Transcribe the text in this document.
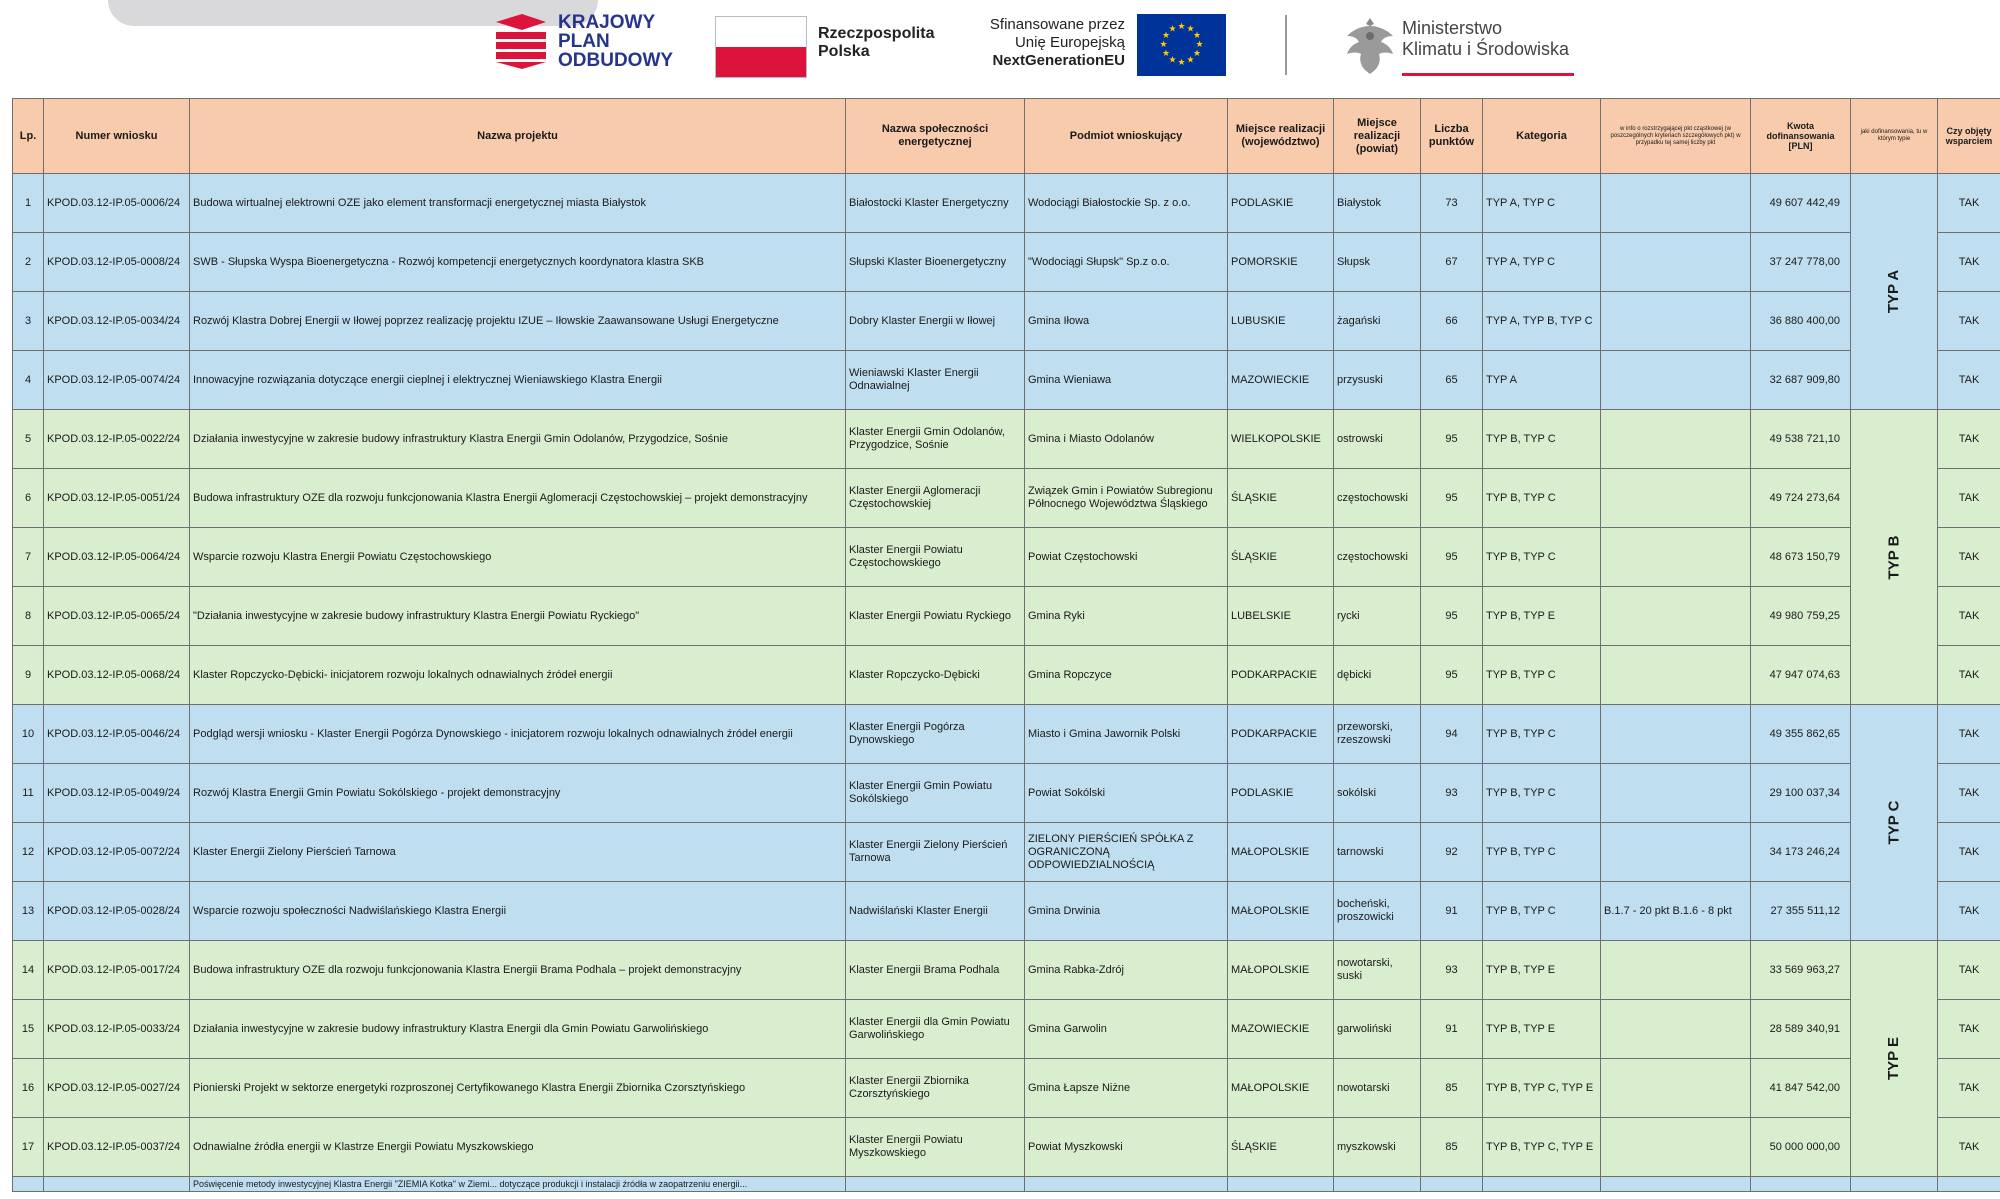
KRAJOWY
PLAN
ODBUDOWY
Rzeczpospolita
Polska
Sfinansowane przez
Unię Europejską
NextGenerationEU
★ ★
★
★
★
★
★
★
★
★
★
★	Ministerstwo
Klimatu i Środowiska
Lp.	Numer wniosku	Nazwa projektu	Nazwa społeczności energetycznej	Podmiot wnioskujący	Miejsce realizacji (województwo)	Miejsce realizacji (powiat)	Liczba punktów	Kategoria	w info o rozstrzygającej pkt cząstkowej (w poszczególnych kryteriach szczegółowych pkt) w przypadku tej samej liczby pkt	Kwota dofinansowania [PLN]	jaki dofinansowania, tu w którym typie	Czy objęty wsparciem
1	KPOD.03.12-IP.05-0006/24	Budowa wirtualnej elektrowni OZE jako element transformacji energetycznej miasta Białystok	Białostocki Klaster Energetyczny	Wodociągi Białostockie Sp. z o.o.	PODLASKIE	Białystok	73	TYP A, TYP C		49 607 442,49	TYP A	TAK
2	KPOD.03.12-IP.05-0008/24	SWB - Słupska Wyspa Bioenergetyczna - Rozwój kompetencji energetycznych koordynatora klastra SKB	Słupski Klaster Bioenergetyczny	"Wodociągi Słupsk" Sp.z o.o.	POMORSKIE	Słupsk	67	TYP A, TYP C		37 247 778,00		TAK
3	KPOD.03.12-IP.05-0034/24	Rozwój Klastra Dobrej Energii w Iłowej poprzez realizację projektu IZUE – Iłowskie Zaawansowane Usługi Energetyczne	Dobry Klaster Energii w Iłowej	Gmina Iłowa	LUBUSKIE	żagański	66	TYP A, TYP B, TYP C		36 880 400,00		TAK
4	KPOD.03.12-IP.05-0074/24	Innowacyjne rozwiązania dotyczące energii cieplnej i elektrycznej Wieniawskiego Klastra Energii	Wieniawski Klaster Energii Odnawialnej	Gmina Wieniawa	MAZOWIECKIE	przysuski	65	TYP A		32 687 909,80		TAK
5	KPOD.03.12-IP.05-0022/24	Działania inwestycyjne w zakresie budowy infrastruktury Klastra Energii Gmin Odolanów, Przygodzice, Sośnie	Klaster Energii Gmin Odolanów, Przygodzice, Sośnie	Gmina i Miasto Odolanów	WIELKOPOLSKIE	ostrowski	95	TYP B, TYP C		49 538 721,10	TYP B	TAK
6	KPOD.03.12-IP.05-0051/24	Budowa infrastruktury OZE dla rozwoju funkcjonowania Klastra Energii Aglomeracji Częstochowskiej – projekt demonstracyjny	Klaster Energii Aglomeracji Częstochowskiej	Związek Gmin i Powiatów Subregionu Północnego Województwa Śląskiego	ŚLĄSKIE	częstochowski	95	TYP B, TYP C		49 724 273,64		TAK
7	KPOD.03.12-IP.05-0064/24	Wsparcie rozwoju Klastra Energii Powiatu Częstochowskiego	Klaster Energii Powiatu Częstochowskiego	Powiat Częstochowski	ŚLĄSKIE	częstochowski	95	TYP B, TYP C		48 673 150,79		TAK
8	KPOD.03.12-IP.05-0065/24	"Działania inwestycyjne w zakresie budowy infrastruktury Klastra Energii Powiatu Ryckiego"	Klaster Energii Powiatu Ryckiego	Gmina Ryki	LUBELSKIE	rycki	95	TYP B, TYP E		49 980 759,25		TAK
9	KPOD.03.12-IP.05-0068/24	Klaster Ropczycko-Dębicki- inicjatorem rozwoju lokalnych odnawialnych źródeł energii	Klaster Ropczycko-Dębicki	Gmina Ropczyce	PODKARPACKIE	dębicki	95	TYP B, TYP C		47 947 074,63		TAK
10	KPOD.03.12-IP.05-0046/24	Podgląd wersji wniosku - Klaster Energii Pogórza Dynowskiego - inicjatorem rozwoju lokalnych odnawialnych źródeł energii	Klaster Energii Pogórza Dynowskiego	Miasto i Gmina Jawornik Polski	PODKARPACKIE	przeworski, rzeszowski	94	TYP B, TYP C		49 355 862,65	TYP C	TAK
11	KPOD.03.12-IP.05-0049/24	Rozwój Klastra Energii Gmin Powiatu Sokólskiego - projekt demonstracyjny	Klaster Energii Gmin Powiatu Sokólskiego	Powiat Sokólski	PODLASKIE	sokólski	93	TYP B, TYP C		29 100 037,34		TAK
12	KPOD.03.12-IP.05-0072/24	Klaster Energii Zielony Pierścień Tarnowa	Klaster Energii Zielony Pierścień Tarnowa	ZIELONY PIERŚCIEŃ SPÓŁKA Z OGRANICZONĄ ODPOWIEDZIALNOŚCIĄ	MAŁOPOLSKIE	tarnowski	92	TYP B, TYP C		34 173 246,24		TAK
13	KPOD.03.12-IP.05-0028/24	Wsparcie rozwoju społeczności Nadwiślańskiego Klastra Energii	Nadwiślański Klaster Energii	Gmina Drwinia	MAŁOPOLSKIE	bocheński, proszowicki	91	TYP B, TYP C	B.1.7 - 20 pkt B.1.6 - 8 pkt	27 355 511,12		TAK
14	KPOD.03.12-IP.05-0017/24	Budowa infrastruktury OZE dla rozwoju funkcjonowania Klastra Energii Brama Podhala – projekt demonstracyjny	Klaster Energii Brama Podhala	Gmina Rabka-Zdrój	MAŁOPOLSKIE	nowotarski, suski	93	TYP B, TYP E		33 569 963,27	TYP E	TAK
15	KPOD.03.12-IP.05-0033/24	Działania inwestycyjne w zakresie budowy infrastruktury Klastra Energii dla Gmin Powiatu Garwolińskiego	Klaster Energii dla Gmin Powiatu Garwolińskiego	Gmina Garwolin	MAZOWIECKIE	garwoliński	91	TYP B, TYP E		28 589 340,91		TAK
16	KPOD.03.12-IP.05-0027/24	Pionierski Projekt w sektorze energetyki rozproszonej Certyfikowanego Klastra Energii Zbiornika Czorsztyńskiego	Klaster Energii Zbiornika Czorsztyńskiego	Gmina Łapsze Niżne	MAŁOPOLSKIE	nowotarski	85	TYP B, TYP C, TYP E		41 847 542,00		TAK
17	KPOD.03.12-IP.05-0037/24	Odnawialne źródła energii w Klastrze Energii Powiatu Myszkowskiego	Klaster Energii Powiatu Myszkowskiego	Powiat Myszkowski	ŚLĄSKIE	myszkowski	85	TYP B, TYP C, TYP E		50 000 000,00		TAK
		Poświęcenie metody inwestycyjnej Klastra Energii "ZIEMIA Kotka" w Ziemi... dotyczące produkcji i instalacji źródła w zaopatrzeniu energii...										
